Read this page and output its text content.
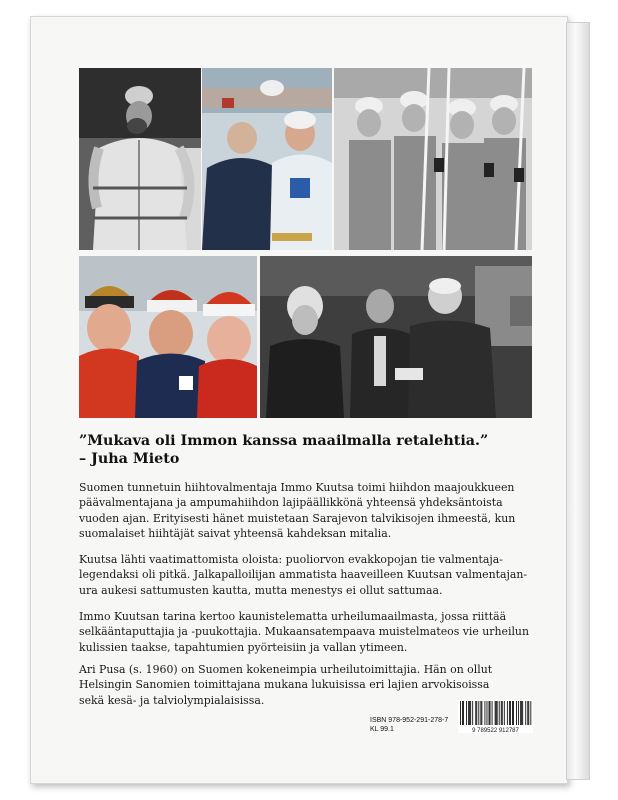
”Mukava oli Immon kanssa maailmalla retalehtia.”
– Juha Mieto
Suomen tunnetuin hiihtovalmentaja Immo Kuutsa toimi hiihdon maajoukkueen
päävalmentajana ja ampumahiihdon lajipäällikkönä yhteensä yhdeksäntoista
vuoden ajan. Erityisesti hänet muistetaan Sarajevon talvikisojen ihmeestä, kun
suomalaiset hiihtäjät saivat yhteensä kahdeksan mitalia.
Kuutsa lähti vaatimattomista oloista: puoliorvon evakkopojan tie valmentaja-
legendaksi oli pitkä. Jalkapalloilijan ammatista haaveilleen Kuutsan valmentajan-
ura aukesi sattumusten kautta, mutta menestys ei ollut sattumaa.
Immo Kuutsan tarina kertoo kaunistelematta urheilumaailmasta, jossa riittää
selkääntaputtajia ja -puukottajia. Mukaansatempaava muistelmateos vie urheilun
kulissien taakse, tapahtumien pyörteisiin ja vallan ytimeen.
Ari Pusa (s. 1960) on Suomen kokeneimpia urheilutoimittajia. Hän on ollut
Helsingin Sanomien toimittajana mukana lukuisissa eri lajien arvokisoissa
sekä kesä- ja talviolympialaisissa.
ISBN 978-952-291-278-7
KL 99.1	9 789522 912787
